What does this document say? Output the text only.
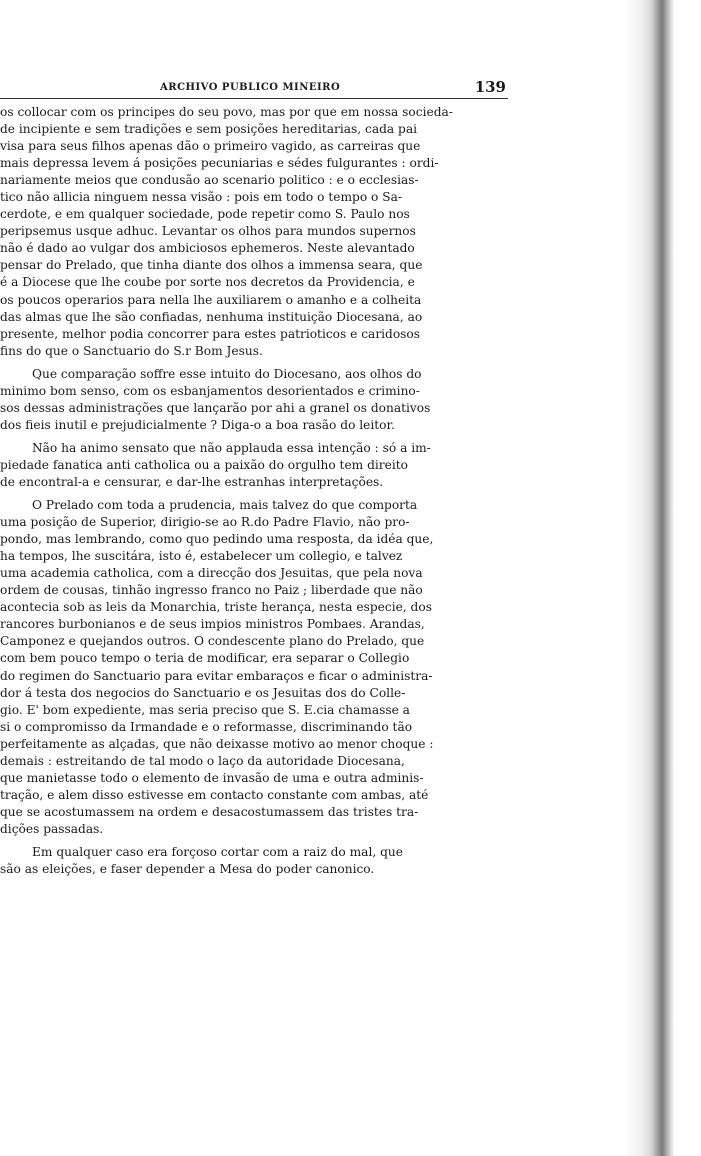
ARCHIVO PUBLICO MINEIRO	139
os collocar com os principes do seu povo, mas por que em nossa socieda-
de incipiente e sem tradições e sem posições hereditarias, cada pai
visa para seus filhos apenas dão o primeiro vagido, as carreiras que
mais depressa levem á posições pecuniarias e sédes fulgurantes : ordi-
nariamente meios que condusão ao scenario politico : e o ecclesias-
tico não allicia ninguem nessa visão : pois em todo o tempo o Sa-
cerdote, e em qualquer sociedade, pode repetir como S. Paulo nos
peripsemus usque adhuc. Levantar os olhos para mundos supernos
não é dado ao vulgar dos ambiciosos ephemeros. Neste alevantado
pensar do Prelado, que tinha diante dos olhos a immensa seara, que
é a Diocese que lhe coube por sorte nos decretos da Providencia, e
os poucos operarios para nella lhe auxiliarem o amanho e a colheita
das almas que lhe são confiadas, nenhuma instituição Diocesana, ao
presente, melhor podia concorrer para estes patrioticos e caridosos
fins do que o Sanctuario do S.r Bom Jesus.
Que comparação soffre esse intuito do Diocesano, aos olhos do
minimo bom senso, com os esbanjamentos desorientados e crimino-
sos dessas administrações que lançarão por ahi a granel os donativos
dos fieis inutil e prejudicialmente ? Diga-o a boa rasão do leitor.
Não ha animo sensato que não applauda essa intenção : só a im-
piedade fanatica anti catholica ou a paixão do orgulho tem direito
de encontral-a e censurar, e dar-lhe estranhas interpretações.
O Prelado com toda a prudencia, mais talvez do que comporta
uma posição de Superior, dirigio-se ao R.do Padre Flavio, não pro-
pondo, mas lembrando, como quo pedindo uma resposta, da idéa que,
ha tempos, lhe suscitára, isto é, estabelecer um collegio, e talvez
uma academia catholica, com a direcção dos Jesuitas, que pela nova
ordem de cousas, tinhão ingresso franco no Paiz ; liberdade que não
acontecia sob as leis da Monarchia, triste herança, nesta especie, dos
rancores burbonianos e de seus impios ministros Pombaes. Arandas,
Camponez e quejandos outros. O condescente plano do Prelado, que
com bem pouco tempo o teria de modificar, era separar o Collegio
do regimen do Sanctuario para evitar embaraços e ficar o administra-
dor á testa dos negocios do Sanctuario e os Jesuitas dos do Colle-
gio. E' bom expediente, mas seria preciso que S. E.cia chamasse a
si o compromisso da Irmandade e o reformasse, discriminando tão
perfeitamente as alçadas, que não deixasse motivo ao menor choque :
demais : estreitando de tal modo o laço da autoridade Diocesana,
que manietasse todo o elemento de invasão de uma e outra adminis-
tração, e alem disso estivesse em contacto constante com ambas, até
que se acostumassem na ordem e desacostumassem das tristes tra-
dições passadas.
Em qualquer caso era forçoso cortar com a raiz do mal, que
são as eleições, e faser depender a Mesa do poder canonico.
